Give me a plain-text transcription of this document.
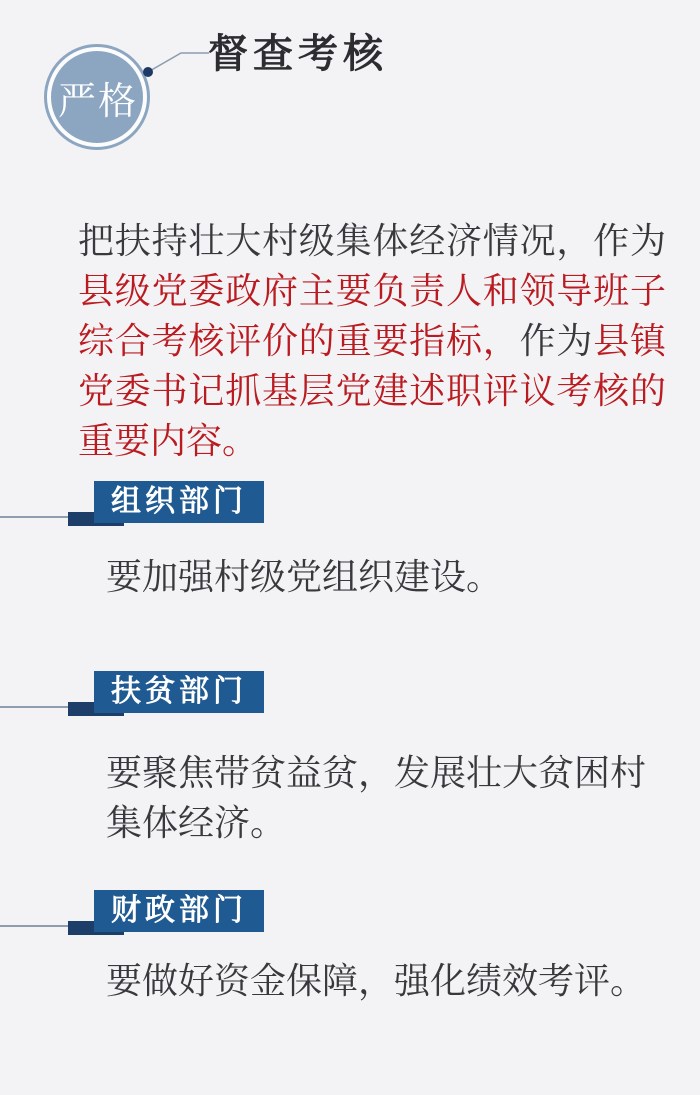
严格
督查考核

把扶持壮大村级集体经济情况，作为县级党委政府主要负责人和领导班子综合考核评价的重要指标，作为县镇党委书记抓基层党建述职评议考核的重要内容。

组织部门
要加强村级党组织建设。
扶贫部门
要聚焦带贫益贫，发展壮大贫困村集体经济。
财政部门
要做好资金保障，强化绩效考评。
